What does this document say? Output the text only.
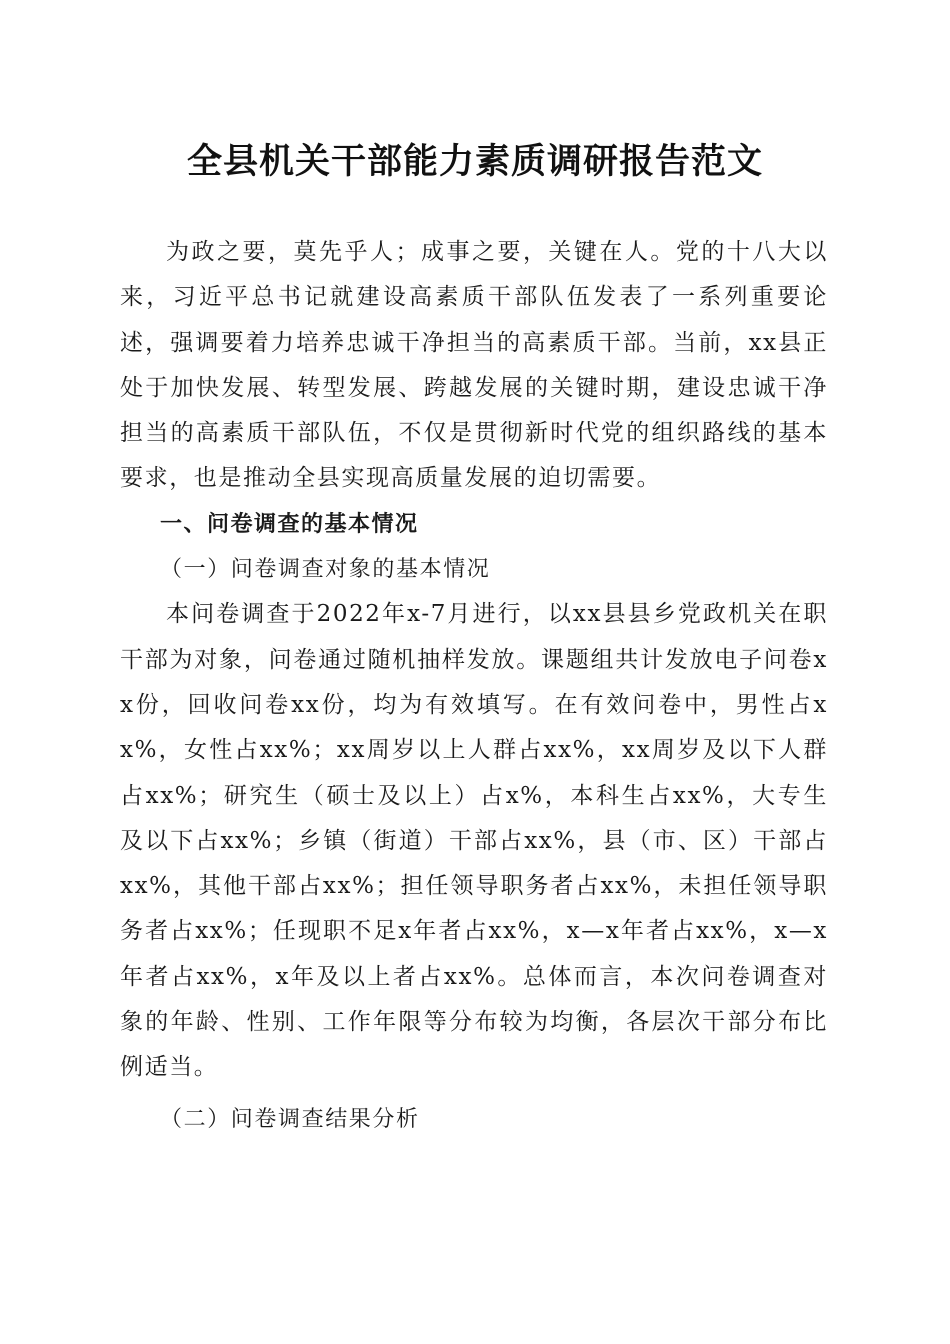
全县机关干部能力素质调研报告范文

为政之要，莫先乎人；成事之要，关键在人。党的十八大以来，习近平总书记就建设高素质干部队伍发表了一系列重要论述，强调要着力培养忠诚干净担当的高素质干部。当前，xx县正处于加快发展、转型发展、跨越发展的关键时期，建设忠诚干净担当的高素质干部队伍，不仅是贯彻新时代党的组织路线的基本要求，也是推动全县实现高质量发展的迫切需要。

一、问卷调查的基本情况

（一）问卷调查对象的基本情况

本问卷调查于2022年x-7月进行，以xx县县乡党政机关在职干部为对象，问卷通过随机抽样发放。课题组共计发放电子问卷xx份，回收问卷xx份，均为有效填写。在有效问卷中，男性占xx%，女性占xx%；xx周岁以上人群占xx%，xx周岁及以下人群占xx%；研究生（硕士及以上）占x%，本科生占xx%，大专生及以下占xx%；乡镇（街道）干部占xx%，县（市、区）干部占xx%，其他干部占xx%；担任领导职务者占xx%，未担任领导职务者占xx%；任现职不足x年者占xx%，x—x年者占xx%，x—x年者占xx%，x年及以上者占xx%。总体而言，本次问卷调查对象的年龄、性别、工作年限等分布较为均衡，各层次干部分布比例适当。

（二）问卷调查结果分析
